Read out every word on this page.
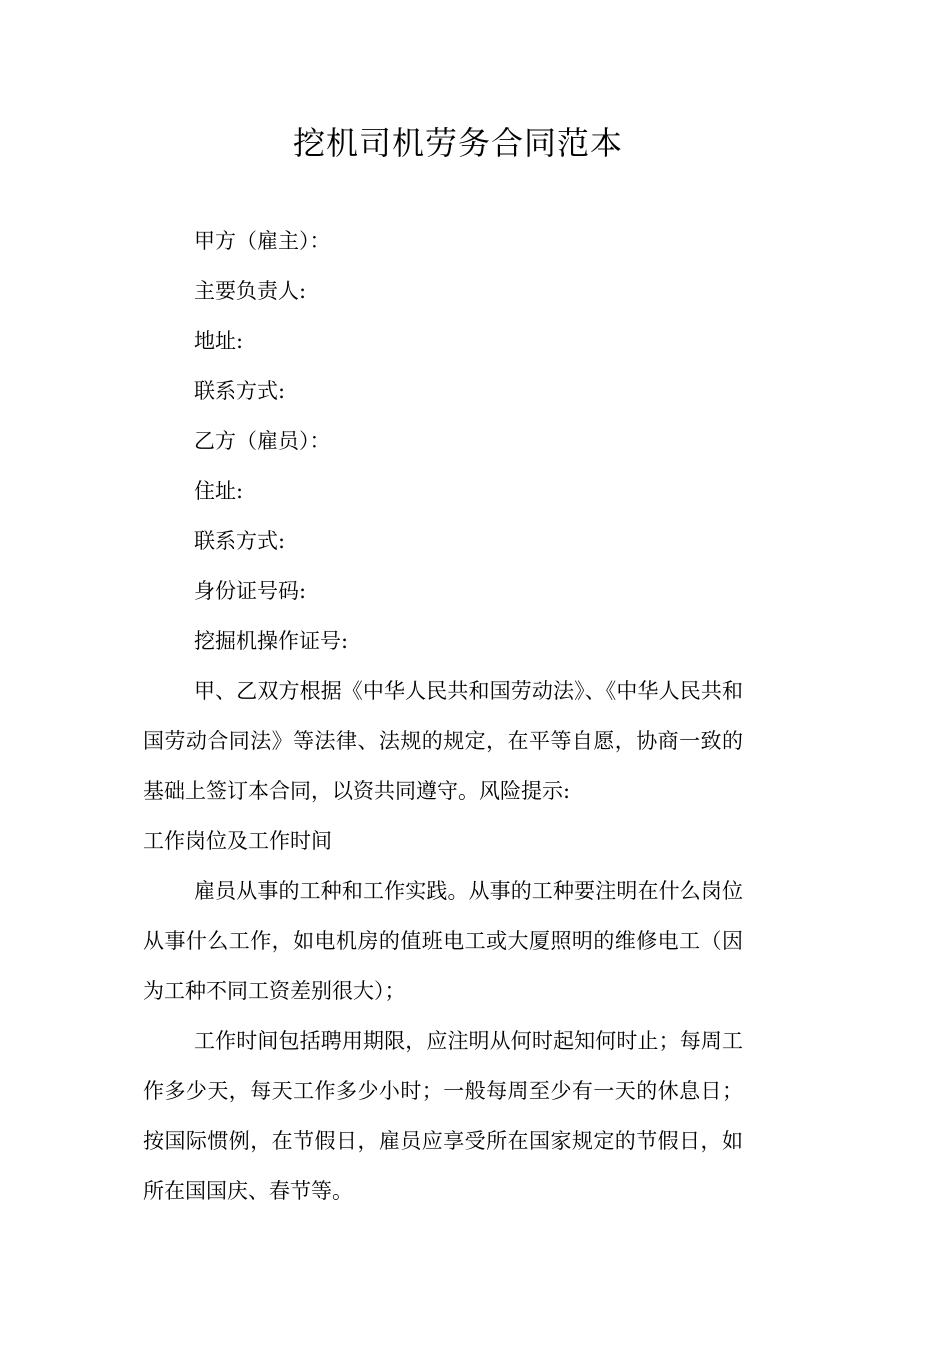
挖机司机劳务合同范本
甲方（雇主）：
主要负责人:
地址:
联系方式:
乙方（雇员）：
住址:
联系方式:
身份证号码:
挖掘机操作证号:

甲、乙双方根据《中华人民共和国劳动法》、《中华人民共和国劳动合同法》等法律、法规的规定，在平等自愿，协商一致的基础上签订本合同，以资共同遵守。风险提示:

工作岗位及工作时间

雇员从事的工种和工作实践。从事的工种要注明在什么岗位从事什么工作，如电机房的值班电工或大厦照明的维修电工（因为工种不同工资差别很大）；

工作时间包括聘用期限，应注明从何时起知何时止；每周工作多少天，每天工作多少小时；一般每周至少有一天的休息日；按国际惯例，在节假日，雇员应享受所在国家规定的节假日，如所在国国庆、春节等。
